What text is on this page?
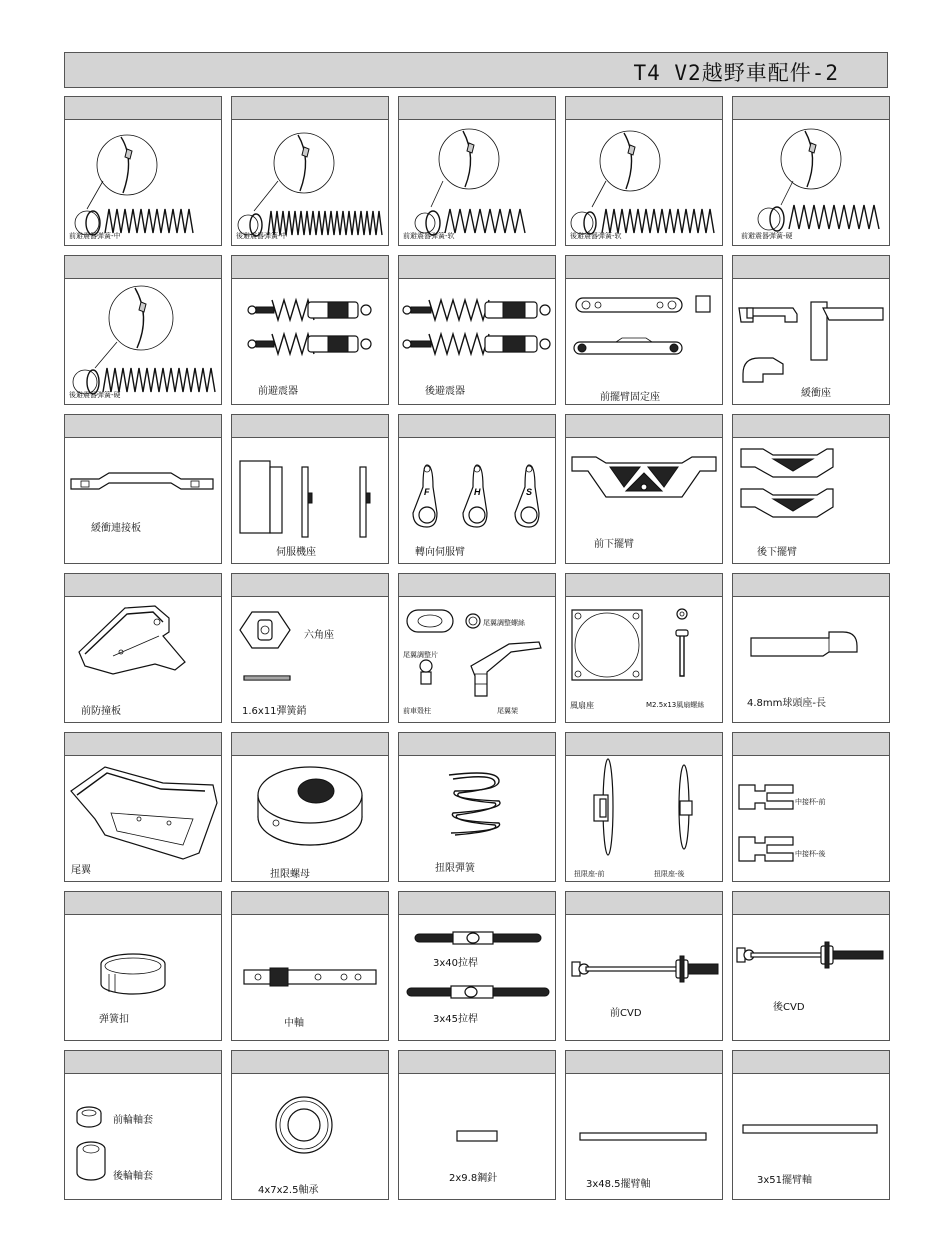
T4 V2越野車配件-2
前避震器弹簧-中	後避震器弹簧-中	前避震器弹簧-软	後避震器弹簧-软	前避震器弹簧-硬
後避震器弹簧-硬	前避震器	後避震器
前擺臂固定座	緩衝座
緩衝連接板
伺服機座
F	H	S
轉向伺服臂
前下擺臂
後下擺臂
前防撞板
六角座
1.6x11彈簧銷
尾翼調整螺絲
尾翼調整片
前車殼柱	尾翼架
風扇座	M2.5x13風扇螺絲	4.8mm球頭座-長
尾翼	扭限螺母
扭限彈簧	扭限座-前	扭限座-後
中接杯-前
中接杯-後
弹簧扣	中軸
3x40拉桿
3x45拉桿
前CVD
後CVD
前輪軸套
後輪軸套
4x7x2.5軸承
2x9.8鋼針
3x48.5擺臂軸	3x51擺臂軸
